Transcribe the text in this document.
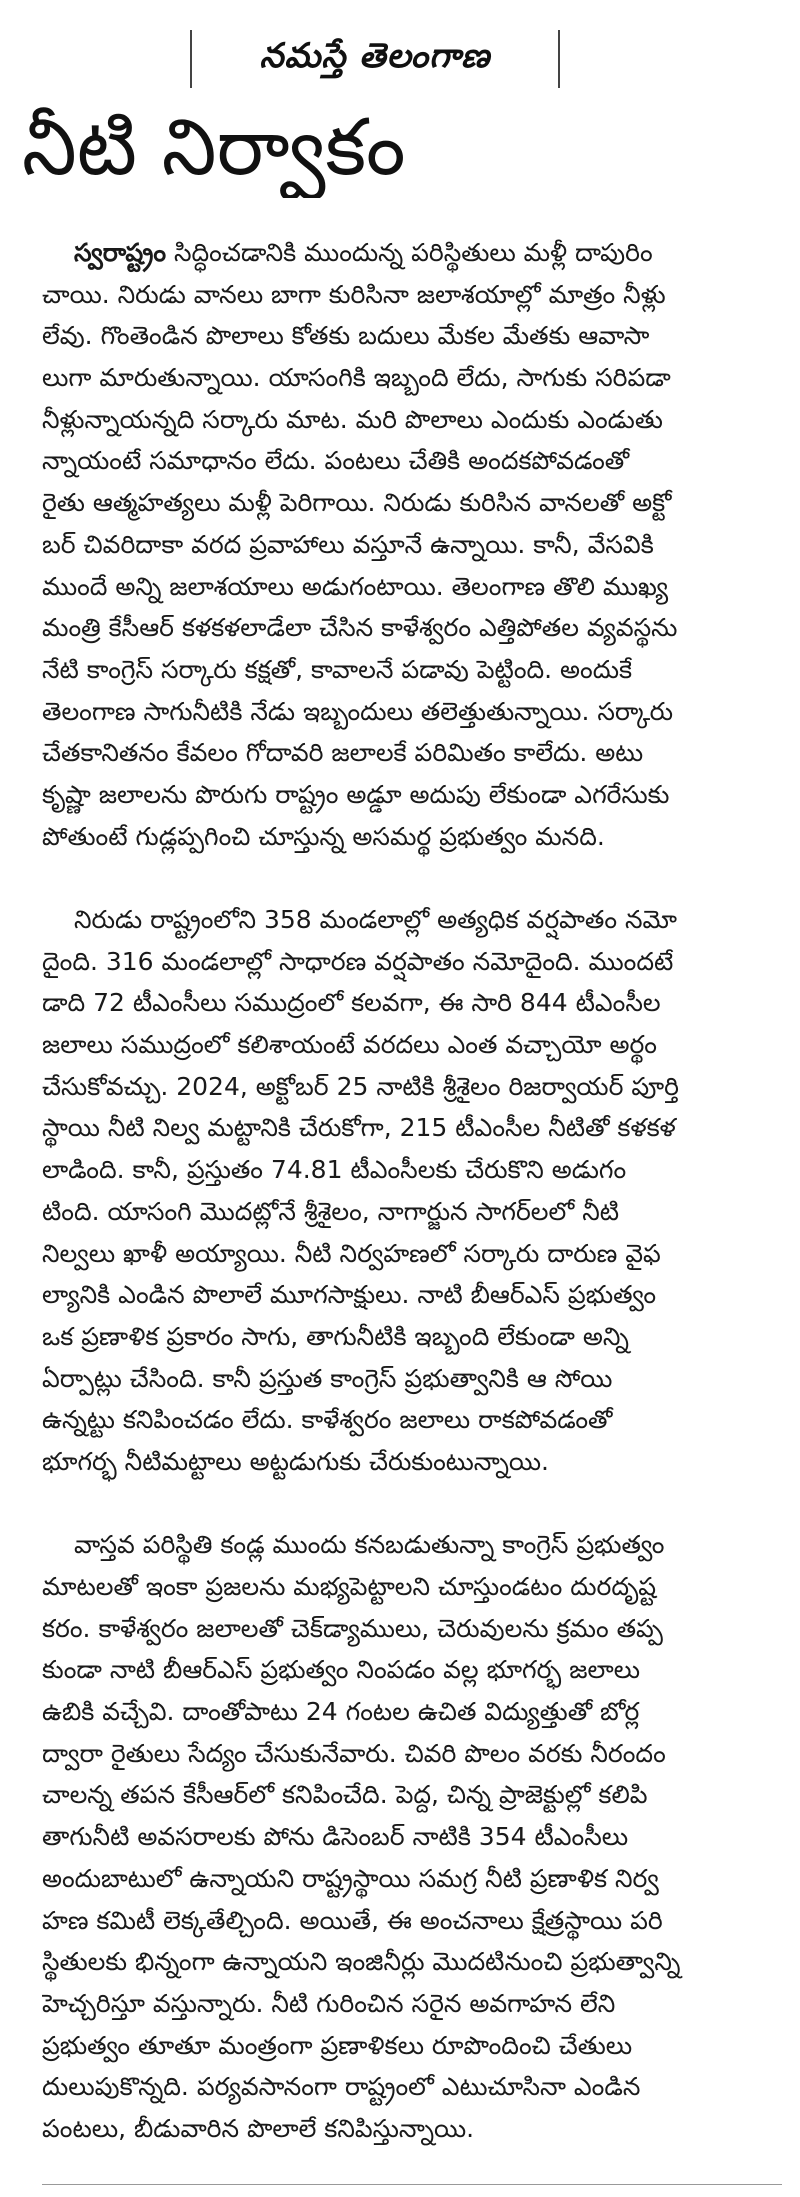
నమస్తే తెలంగాణ
నీటి నిర్వాకం
స్వరాష్ట్రం సిద్ధించడానికి ముందున్న పరిస్థితులు మళ్లీ దాపురిం
చాయి. నిరుడు వానలు బాగా కురిసినా జలాశయాల్లో మాత్రం నీళ్లు
లేవు. గొంతెండిన పొలాలు కోతకు బదులు మేకల మేతకు ఆవాసా
లుగా మారుతున్నాయి. యాసంగికి ఇబ్బంది లేదు, సాగుకు సరిపడా
నీళ్లున్నాయన్నది సర్కారు మాట. మరి పొలాలు ఎందుకు ఎండుతు
న్నాయంటే సమాధానం లేదు. పంటలు చేతికి అందకపోవడంతో
రైతు ఆత్మహత్యలు మళ్లీ పెరిగాయి. నిరుడు కురిసిన వానలతో అక్టో
బర్ చివరిదాకా వరద ప్రవాహాలు వస్తూనే ఉన్నాయి. కానీ, వేసవికి
ముందే అన్ని జలాశయాలు అడుగంటాయి. తెలంగాణ తొలి ముఖ్య
మంత్రి కేసీఆర్ కళకళలాడేలా చేసిన కాళేశ్వరం ఎత్తిపోతల వ్యవస్థను
నేటి కాంగ్రెస్ సర్కారు కక్షతో, కావాలనే పడావు పెట్టింది. అందుకే
తెలంగాణ సాగునీటికి నేడు ఇబ్బందులు తలెత్తుతున్నాయి. సర్కారు
చేతకానితనం కేవలం గోదావరి జలాలకే పరిమితం కాలేదు. అటు
కృష్ణా జలాలను పొరుగు రాష్ట్రం అడ్డూ అదుపు లేకుండా ఎగరేసుకు
పోతుంటే గుడ్లప్పగించి చూస్తున్న అసమర్థ ప్రభుత్వం మనది.
నిరుడు రాష్ట్రంలోని 358 మండలాల్లో అత్యధిక వర్షపాతం నమో
దైంది. 316 మండలాల్లో సాధారణ వర్షపాతం నమోదైంది. ముందటే
డాది 72 టీఎంసీలు సముద్రంలో కలవగా, ఈ సారి 844 టీఎంసీల
జలాలు సముద్రంలో కలిశాయంటే వరదలు ఎంత వచ్చాయో అర్థం
చేసుకోవచ్చు. 2024, అక్టోబర్ 25 నాటికి శ్రీశైలం రిజర్వాయర్ పూర్తి
స్థాయి నీటి నిల్వ మట్టానికి చేరుకోగా, 215 టీఎంసీల నీటితో కళకళ
లాడింది. కానీ, ప్రస్తుతం 74.81 టీఎంసీలకు చేరుకొని అడుగం
టింది. యాసంగి మొదట్లోనే శ్రీశైలం, నాగార్జున సాగర్‌లలో నీటి
నిల్వలు ఖాళీ అయ్యాయి. నీటి నిర్వహణలో సర్కారు దారుణ వైఫ
ల్యానికి ఎండిన పొలాలే మూగసాక్షులు. నాటి బీఆర్ఎస్ ప్రభుత్వం
ఒక ప్రణాళిక ప్రకారం సాగు, తాగునీటికి ఇబ్బంది లేకుండా అన్ని
ఏర్పాట్లు చేసింది. కానీ ప్రస్తుత కాంగ్రెస్ ప్రభుత్వానికి ఆ సోయి
ఉన్నట్టు కనిపించడం లేదు. కాళేశ్వరం జలాలు రాకపోవడంతో
భూగర్భ నీటిమట్టాలు అట్టడుగుకు చేరుకుంటున్నాయి.
వాస్తవ పరిస్థితి కండ్ల ముందు కనబడుతున్నా కాంగ్రెస్ ప్రభుత్వం
మాటలతో ఇంకా ప్రజలను మభ్యపెట్టాలని చూస్తుండటం దురదృష్ట
కరం. కాళేశ్వరం జలాలతో చెక్‌డ్యాములు, చెరువులను క్రమం తప్ప
కుండా నాటి బీఆర్ఎస్ ప్రభుత్వం నింపడం వల్ల భూగర్భ జలాలు
ఉబికి వచ్చేవి. దాంతోపాటు 24 గంటల ఉచిత విద్యుత్తుతో బోర్ల
ద్వారా రైతులు సేద్యం చేసుకునేవారు. చివరి పొలం వరకు నీరందం
చాలన్న తపన కేసీఆర్‌లో కనిపించేది. పెద్ద, చిన్న ప్రాజెక్టుల్లో కలిపి
తాగునీటి అవసరాలకు పోను డిసెంబర్ నాటికి 354 టీఎంసీలు
అందుబాటులో ఉన్నాయని రాష్ట్రస్థాయి సమగ్ర నీటి ప్రణాళిక నిర్వ
హణ కమిటీ లెక్కతేల్చింది. అయితే, ఈ అంచనాలు క్షేత్రస్థాయి పరి
స్థితులకు భిన్నంగా ఉన్నాయని ఇంజినీర్లు మొదటినుంచి ప్రభుత్వాన్ని
హెచ్చరిస్తూ వస్తున్నారు. నీటి గురించిన సరైన అవగాహన లేని
ప్రభుత్వం తూతూ మంత్రంగా ప్రణాళికలు రూపొందించి చేతులు
దులుపుకొన్నది. పర్యవసానంగా రాష్ట్రంలో ఎటుచూసినా ఎండిన
పంటలు, బీడువారిన పొలాలే కనిపిస్తున్నాయి.
